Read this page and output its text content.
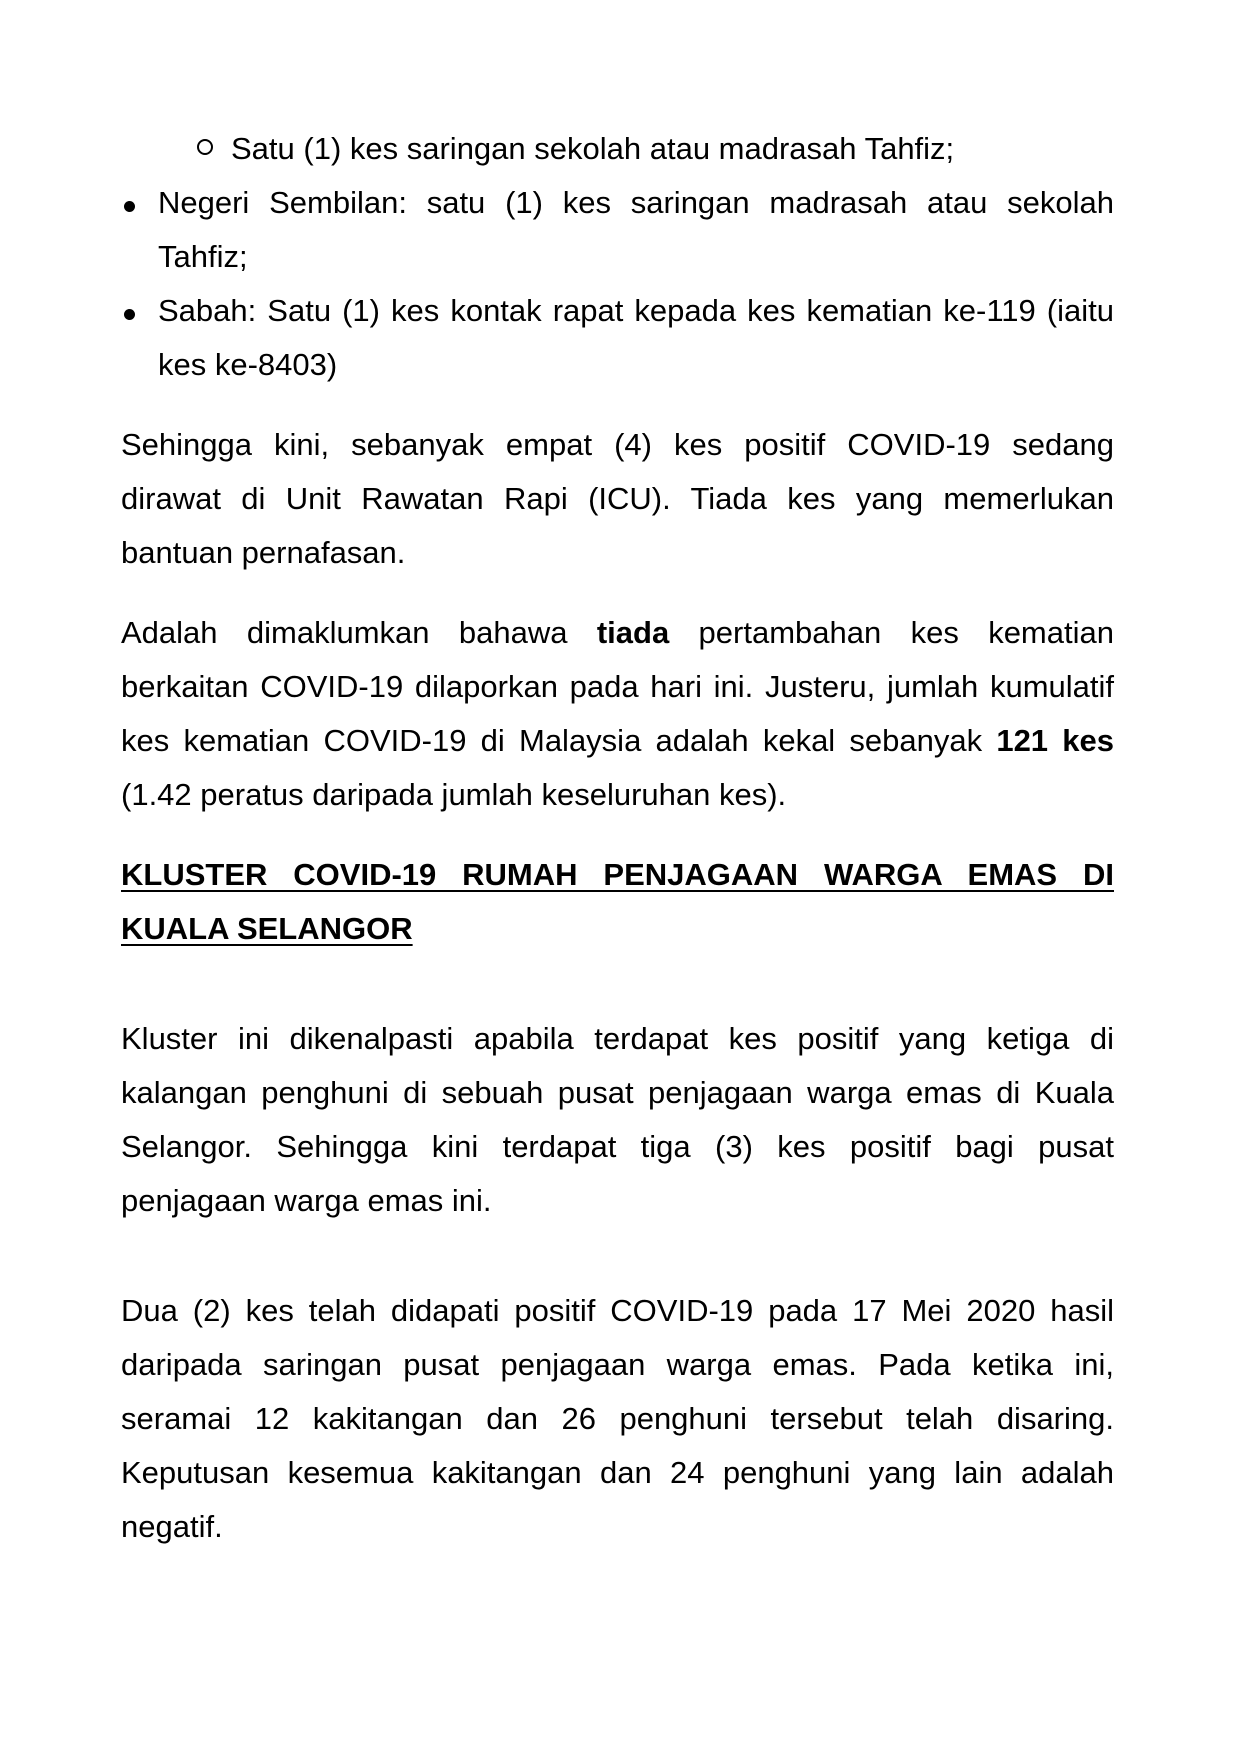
Satu (1) kes saringan sekolah atau madrasah Tahfiz;
Negeri Sembilan: satu (1) kes saringan madrasah atau sekolah Tahfiz;
Sabah: Satu (1) kes kontak rapat kepada kes kematian ke-119 (iaitu kes ke-8403)

Sehingga kini, sebanyak empat (4) kes positif COVID-19 sedang dirawat di Unit Rawatan Rapi (ICU). Tiada kes yang memerlukan bantuan pernafasan.

Adalah dimaklumkan bahawa tiada pertambahan kes kematian berkaitan COVID-19 dilaporkan pada hari ini. Justeru, jumlah kumulatif kes kematian COVID-19 di Malaysia adalah kekal sebanyak 121 kes (1.42 peratus daripada jumlah keseluruhan kes).

KLUSTER COVID-19 RUMAH PENJAGAAN WARGA EMAS DI KUALA SELANGOR

Kluster ini dikenalpasti apabila terdapat kes positif yang ketiga di kalangan penghuni di sebuah pusat penjagaan warga emas di Kuala Selangor. Sehingga kini terdapat tiga (3) kes positif bagi pusat penjagaan warga emas ini.

Dua (2) kes telah didapati positif COVID-19 pada 17 Mei 2020 hasil daripada saringan pusat penjagaan warga emas. Pada ketika ini, seramai 12 kakitangan dan 26 penghuni tersebut telah disaring. Keputusan kesemua kakitangan dan 24 penghuni yang lain adalah negatif.
